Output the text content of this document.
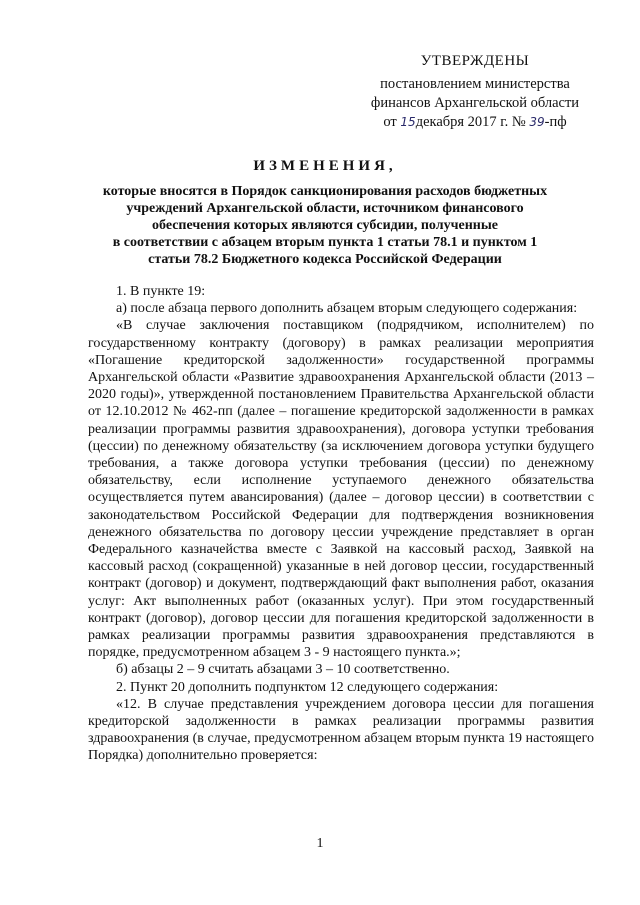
УТВЕРЖДЕНЫ
постановлением министерства
финансов Архангельской области
от 15декабря 2017 г. № 39-пф
ИЗМЕНЕНИЯ,
которые вносятся в Порядок санкционирования расходов бюджетных
учреждений Архангельской области, источником финансового
обеспечения которых являются субсидии, полученные
в соответствии с абзацем вторым пункта 1 статьи 78.1 и пунктом 1
статьи 78.2 Бюджетного кодекса Российской Федерации

1. В пункте 19:

а) после абзаца первого дополнить абзацем вторым следующего содержания:

«В случае заключения поставщиком (подрядчиком, исполнителем) по государственному контракту (договору) в рамках реализации мероприятия «Погашение кредиторской задолженности» государственной программы Архангельской области «Развитие здравоохранения Архангельской области (2013 – 2020 годы)», утвержденной постановлением Правительства Архангельской области от 12.10.2012 № 462-пп (далее – погашение кредиторской задолженности в рамках реализации программы развития здравоохранения), договора уступки требования (цессии) по денежному обязательству (за исключением договора уступки будущего требования, а также договора уступки требования (цессии) по денежному обязательству, если исполнение уступаемого денежного обязательства осуществляется путем авансирования) (далее – договор цессии) в соответствии с законодательством Российской Федерации для подтверждения возникновения денежного обязательства по договору цессии учреждение представляет в орган Федерального казначейства вместе с Заявкой на кассовый расход, Заявкой на кассовый расход (сокращенной) указанные в ней договор цессии, государственный контракт (договор) и документ, подтверждающий факт выполнения работ, оказания услуг: Акт выполненных работ (оказанных услуг). При этом государственный контракт (договор), договор цессии для погашения кредиторской задолженности в рамках реализации программы развития здравоохранения представляются в порядке, предусмотренном абзацем 3 - 9 настоящего пункта.»;

б) абзацы 2 – 9 считать абзацами 3 – 10 соответственно.

2. Пункт 20 дополнить подпунктом 12 следующего содержания:

«12. В случае представления учреждением договора цессии для погашения кредиторской задолженности в рамках реализации программы развития здравоохранения (в случае, предусмотренном абзацем вторым пункта 19 настоящего Порядка) дополнительно проверяется:

1
